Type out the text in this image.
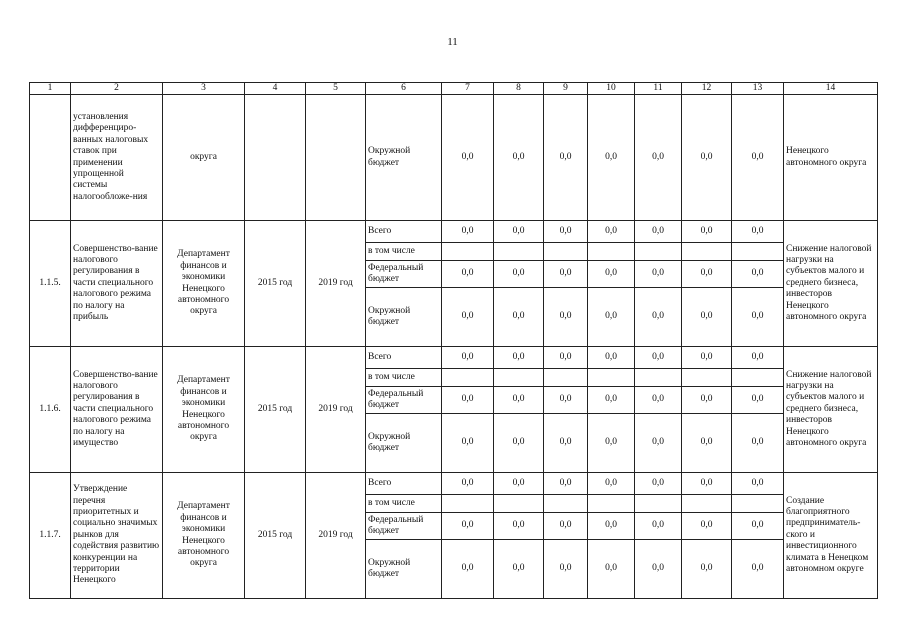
11
1	2	3	4	5	6	7	8	9	10	11	12	13	14
	установления дифференциро-ванных налоговых ставок при применении упрощенной системы налогообложе-ния	округа			Окружной бюджет	0,0	0,0	0,0	0,0	0,0	0,0	0,0	Ненецкого автономного округа
1.1.5.	Совершенство-вание налогового регулирования в части специального налогового режима по налогу на прибыль	Департамент финансов и экономики Ненецкого автономного округа	2015 год	2019 год	Всего	0,0	0,0	0,0	0,0	0,0	0,0	0,0	Снижение налоговой нагрузки на субъектов малого и среднего бизнеса, инвесторов Ненецкого автономного округа
					в том числе								
					Федеральный бюджет	0,0	0,0	0,0	0,0	0,0	0,0	0,0	
					Окружной бюджет	0,0	0,0	0,0	0,0	0,0	0,0	0,0	
1.1.6.	Совершенство-вание налогового регулирования в части специального налогового режима по налогу на имущество	Департамент финансов и экономики Ненецкого автономного округа	2015 год	2019 год	Всего	0,0	0,0	0,0	0,0	0,0	0,0	0,0	Снижение налоговой нагрузки на субъектов малого и среднего бизнеса, инвесторов Ненецкого автономного округа
					в том числе								
					Федеральный бюджет	0,0	0,0	0,0	0,0	0,0	0,0	0,0	
					Окружной бюджет	0,0	0,0	0,0	0,0	0,0	0,0	0,0	
1.1.7.	Утверждение перечня приоритетных и социально значимых рынков для содействия развитию конкуренции на территории Ненецкого	Департамент финансов и экономики Ненецкого автономного округа	2015 год	2019 год	Всего	0,0	0,0	0,0	0,0	0,0	0,0	0,0	Создание благоприятного предприниматель-ского и инвестиционного климата в Ненецком автономном округе
					в том числе								
					Федеральный бюджет	0,0	0,0	0,0	0,0	0,0	0,0	0,0	
					Окружной бюджет	0,0	0,0	0,0	0,0	0,0	0,0	0,0	
